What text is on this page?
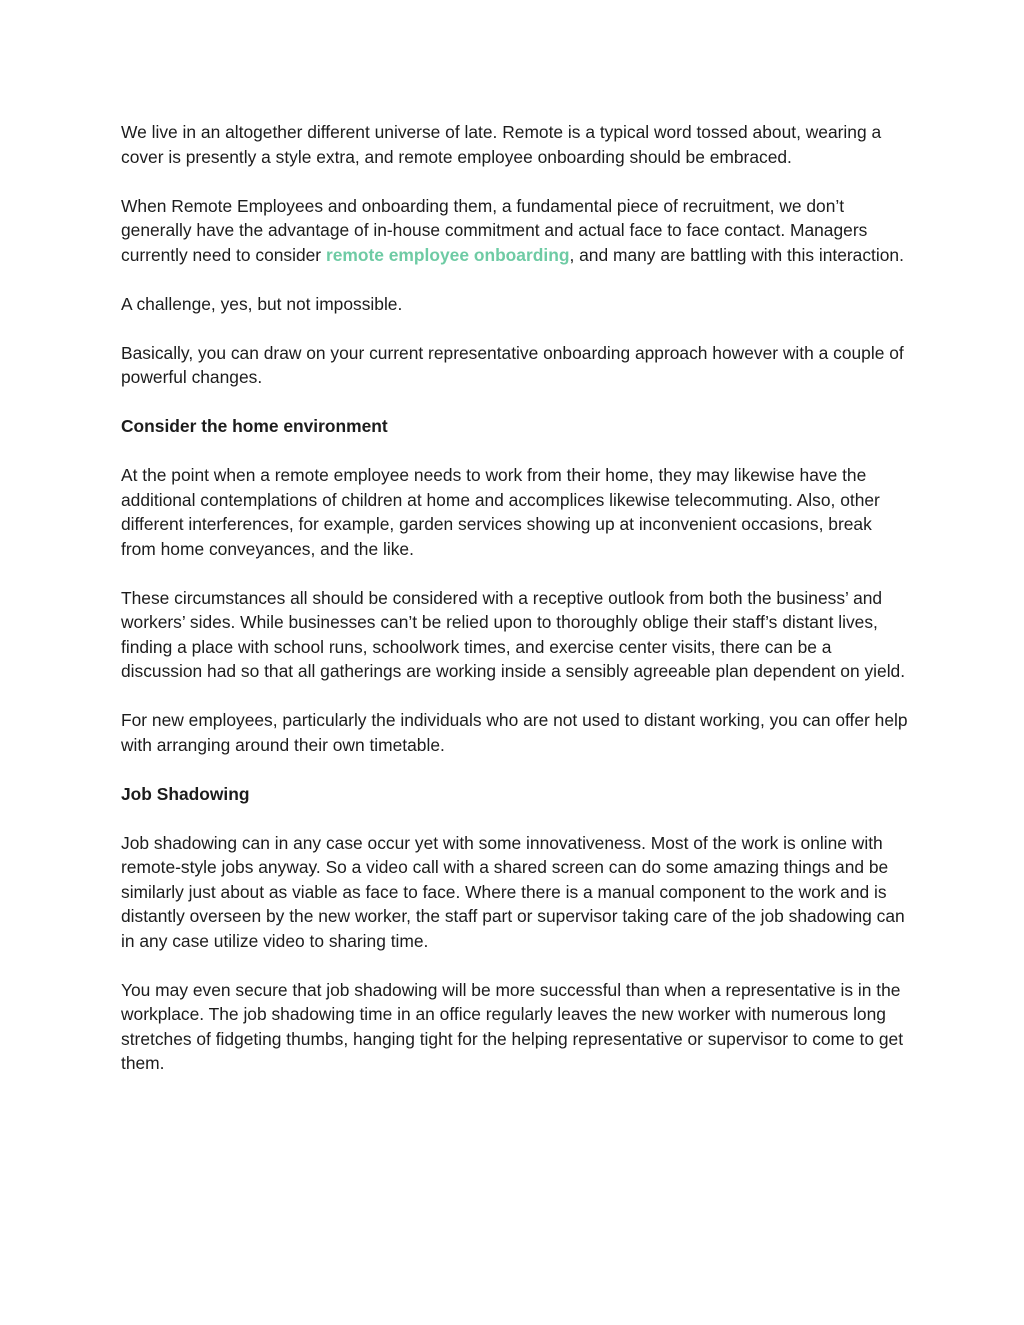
We live in an altogether different universe of late. Remote is a typical word tossed about, wearing a cover is presently a style extra, and remote employee onboarding should be embraced.

When Remote Employees and onboarding them, a fundamental piece of recruitment, we don’t generally have the advantage of in-house commitment and actual face to face contact. Managers currently need to consider remote employee onboarding, and many are battling with this interaction.

A challenge, yes, but not impossible.

Basically, you can draw on your current representative onboarding approach however with a couple of powerful changes.

Consider the home environment

At the point when a remote employee needs to work from their home, they may likewise have the additional contemplations of children at home and accomplices likewise telecommuting. Also, other different interferences, for example, garden services showing up at inconvenient occasions, break from home conveyances, and the like.

These circumstances all should be considered with a receptive outlook from both the business’ and workers’ sides. While businesses can’t be relied upon to thoroughly oblige their staff’s distant lives, finding a place with school runs, schoolwork times, and exercise center visits, there can be a discussion had so that all gatherings are working inside a sensibly agreeable plan dependent on yield.

For new employees, particularly the individuals who are not used to distant working, you can offer help with arranging around their own timetable.

Job Shadowing

Job shadowing can in any case occur yet with some innovativeness. Most of the work is online with remote-style jobs anyway. So a video call with a shared screen can do some amazing things and be similarly just about as viable as face to face. Where there is a manual component to the work and is distantly overseen by the new worker, the staff part or supervisor taking care of the job shadowing can in any case utilize video to sharing time.

You may even secure that job shadowing will be more successful than when a representative is in the workplace. The job shadowing time in an office regularly leaves the new worker with numerous long stretches of fidgeting thumbs, hanging tight for the helping representative or supervisor to come to get them.
